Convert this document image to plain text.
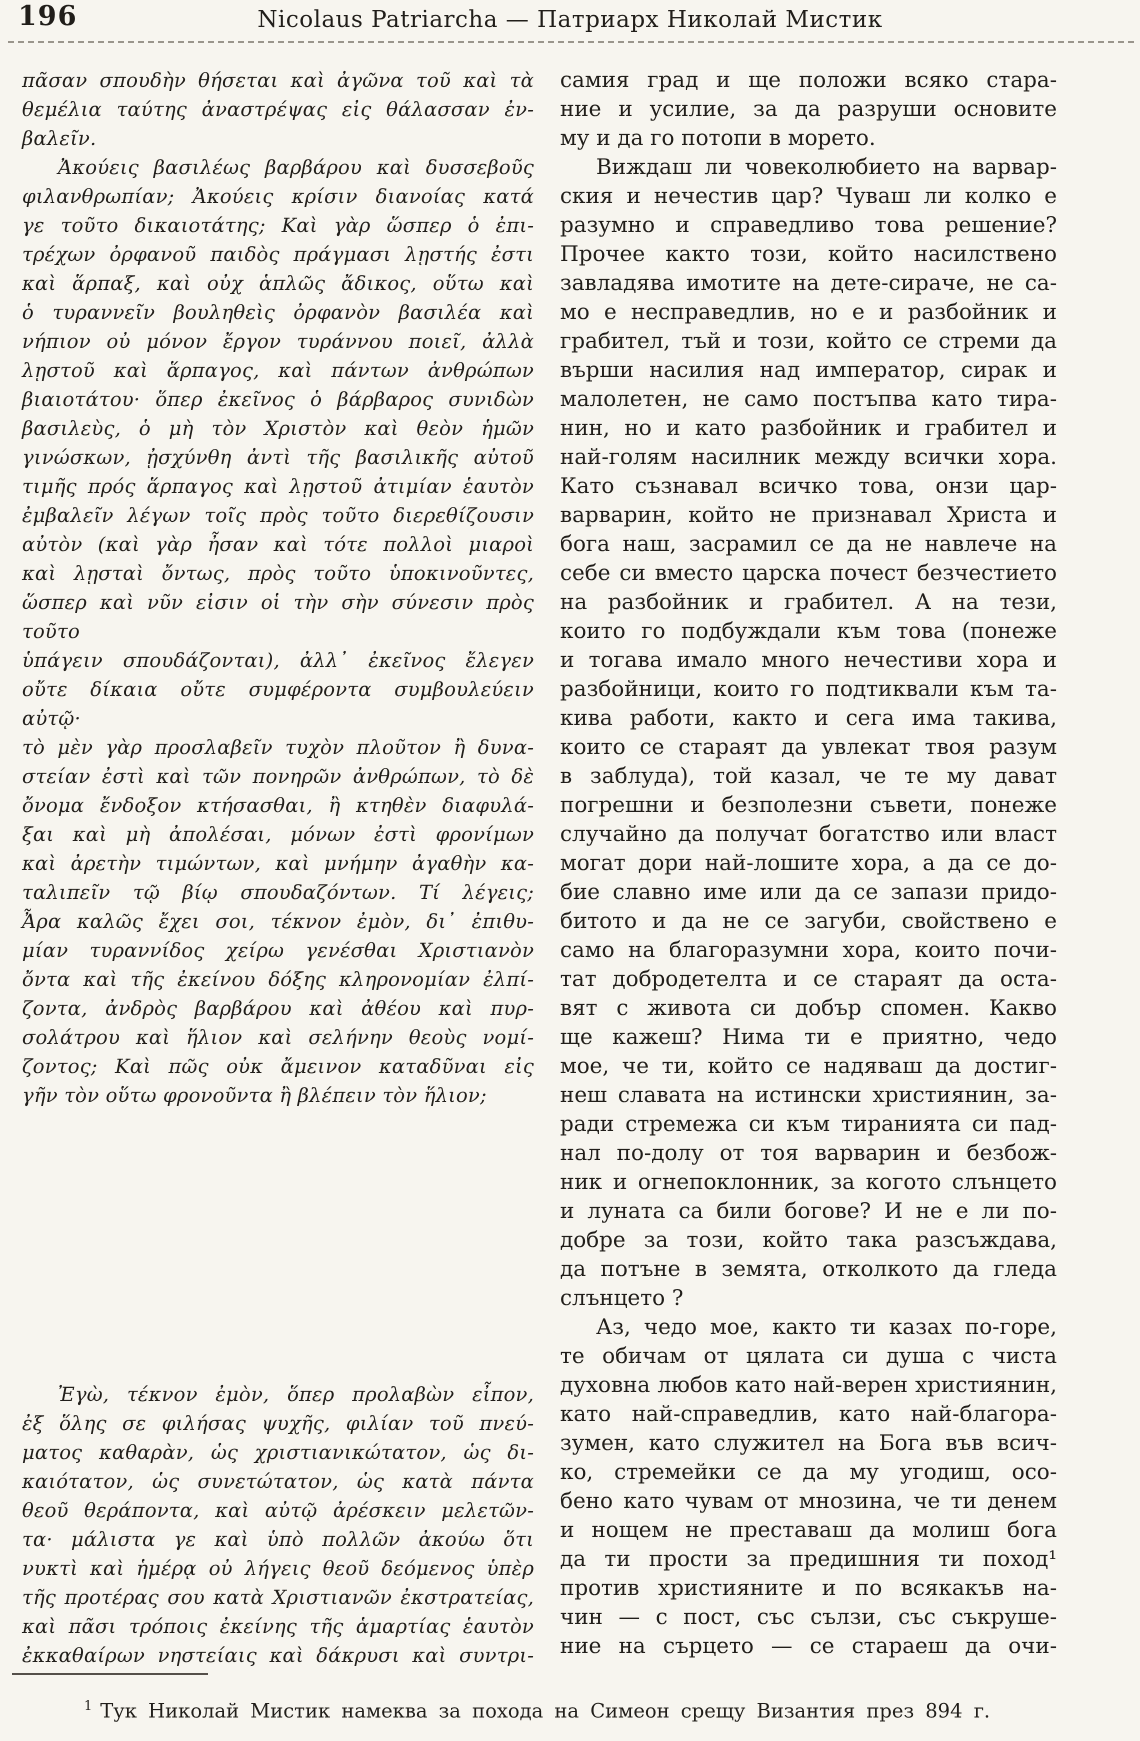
196	Nicolaus Patriarcha — Патриарх Николай Мистик
πᾶσαν σπουδὴν θήσεται καὶ ἀγῶνα τοῦ καὶ τὰ
θεμέλια ταύτης ἀναστρέψας εἰς θάλασσαν ἐν-
βαλεῖν.
Ἀκούεις βασιλέως βαρβάρου καὶ δυσσεβοῦς
φιλανθρωπίαν; Ἀκούεις κρίσιν διανοίας κατά
γε τοῦτο δικαιοτάτης; Καὶ γὰρ ὥσπερ ὁ ἐπι-
τρέχων ὀρφανοῦ παιδὸς πράγμασι λῃστής ἐστι
καὶ ἅρπαξ, καὶ οὐχ ἁπλῶς ἄδικος, οὕτω καὶ
ὁ τυραννεῖν βουληθεὶς ὀρφανὸν βασιλέα καὶ
νήπιον οὐ μόνον ἔργον τυράννου ποιεῖ, ἀλλὰ
λῃστοῦ καὶ ἅρπαγος, καὶ πάντων ἀνθρώπων
βιαιοτάτου· ὅπερ ἐκεῖνος ὁ βάρβαρος συνιδὼν
βασιλεὺς, ὁ μὴ τὸν Χριστὸν καὶ θεὸν ἡμῶν
γινώσκων, ᾐσχύνθη ἀντὶ τῆς βασιλικῆς αὐτοῦ
τιμῆς πρός ἅρπαγος καὶ λῃστοῦ ἀτιμίαν ἑαυτὸν
ἐμβαλεῖν λέγων τοῖς πρὸς τοῦτο διερεθίζουσιν
αὐτὸν (καὶ γὰρ ἦσαν καὶ τότε πολλοὶ μιαροὶ
καὶ λῃσταὶ ὄντως, πρὸς τοῦτο ὑποκινοῦντες,
ὥσπερ καὶ νῦν εἰσιν οἱ τὴν σὴν σύνεσιν πρὸς τοῦτο
ὑπάγειν σπουδάζονται), ἀλλ᾽ ἐκεῖνος ἔλεγεν
οὔτε δίκαια οὔτε συμφέροντα συμβουλεύειν αὐτῷ·
τὸ μὲν γὰρ προσλαβεῖν τυχὸν πλοῦτον ἢ δυνα-
στείαν ἐστὶ καὶ τῶν πονηρῶν ἀνθρώπων, τὸ δὲ
ὄνομα ἔνδοξον κτήσασθαι, ἢ κτηθὲν διαφυλά-
ξαι καὶ μὴ ἀπολέσαι, μόνων ἐστὶ φρονίμων
καὶ ἀρετὴν τιμώντων, καὶ μνήμην ἀγαθὴν κα-
ταλιπεῖν τῷ βίῳ σπουδαζόντων. Τί λέγεις;
Ἆρα καλῶς ἔχει σοι, τέκνον ἐμὸν, δι᾽ ἐπιθυ-
μίαν τυραννίδος χείρω γενέσθαι Χριστιανὸν
ὄντα καὶ τῆς ἐκείνου δόξης κληρονομίαν ἐλπί-
ζοντα, ἀνδρὸς βαρβάρου καὶ ἀθέου καὶ πυρ-
σολάτρου καὶ ἥλιον καὶ σελήνην θεοὺς νομί-
ζοντος; Καὶ πῶς οὐκ ἄμεινον καταδῦναι εἰς
γῆν τὸν οὕτω φρονοῦντα ἢ βλέπειν τὸν ἥλιον;
Ἐγὼ, τέκνον ἐμὸν, ὅπερ προλαβὼν εἶπον,
ἐξ ὅλης σε φιλήσας ψυχῆς, φιλίαν τοῦ πνεύ-
ματος καθαρὰν, ὡς χριστιανικώτατον, ὡς δι-
καιότατον, ὡς συνετώτατον, ὡς κατὰ πάντα
θεοῦ θεράποντα, καὶ αὐτῷ ἀρέσκειν μελετῶν-
τα· μάλιστα γε καὶ ὑπὸ πολλῶν ἀκούω ὅτι
νυκτὶ καὶ ἡμέρᾳ οὐ λήγεις θεοῦ δεόμενος ὑπὲρ
τῆς προτέρας σου κατὰ Χριστιανῶν ἐκστρατείας,
καὶ πᾶσι τρόποις ἐκείνης τῆς ἁμαρτίας ἑαυτὸν
ἐκκαθαίρων νηστείαις καὶ δάκρυσι καὶ συντρι-
самия град и ще положи всяко стара-
ние и усилие, за да разруши основите
му и да го потопи в морето.
Виждаш ли човеколюбието на варвар-
ския и нечестив цар? Чуваш ли колко е
разумно и справедливо това решение?
Прочее както този, който насилствено
завладява имотите на дете-сираче, не са-
мо е несправедлив, но е и разбойник и
грабител, тъй и този, който се стреми да
върши насилия над император, сирак и
малолетен, не само постъпва като тира-
нин, но и като разбойник и грабител и
най-голям насилник между всички хора.
Като съзнавал всичко това, онзи цар-
варварин, който не признавал Христа и
бога наш, засрамил се да не навлече на
себе си вместо царска почест безчестието
на разбойник и грабител. А на тези,
които го подбуждали към това (понеже
и тогава имало много нечестиви хора и
разбойници, които го подтиквали към та-
кива работи, както и сега има такива,
които се стараят да увлекат твоя разум
в заблуда), той казал, че те му дават
погрешни и безполезни съвети, понеже
случайно да получат богатство или власт
могат дори най-лошите хора, а да се до-
бие славно име или да се запази придо-
битото и да не се загуби, свойствено е
само на благоразумни хора, които почи-
тат добродетелта и се стараят да оста-
вят с живота си добър спомен. Какво
ще кажеш? Нима ти е приятно, чедо
мое, че ти, който се надяваш да достиг-
неш славата на истински християнин, за-
ради стремежа си към тиранията си пад-
нал по-долу от тоя варварин и безбож-
ник и огнепоклонник, за когото слънцето
и луната са били богове? И не е ли по-
добре за този, който така разсъждава,
да потъне в земята, отколкото да гледа
слънцето ?
Аз, чедо мое, както ти казах по-горе,
те обичам от цялата си душа с чиста
духовна любов като най-верен християнин,
като най-справедлив, като най-благора-
зумен, като служител на Бога във всич-
ко, стремейки се да му угодиш, осо-
бено като чувам от мнозина, че ти денем
и нощем не преставаш да молиш бога
да ти прости за предишния ти поход¹
против християните и по всякакъв на-
чин — с пост, със сълзи, със съкруше-
ние на сърцето — се стараеш да очи-
$^1$ Тук Николай Мистик намеква за похода на Симеон срещу Византия през 894 г.
